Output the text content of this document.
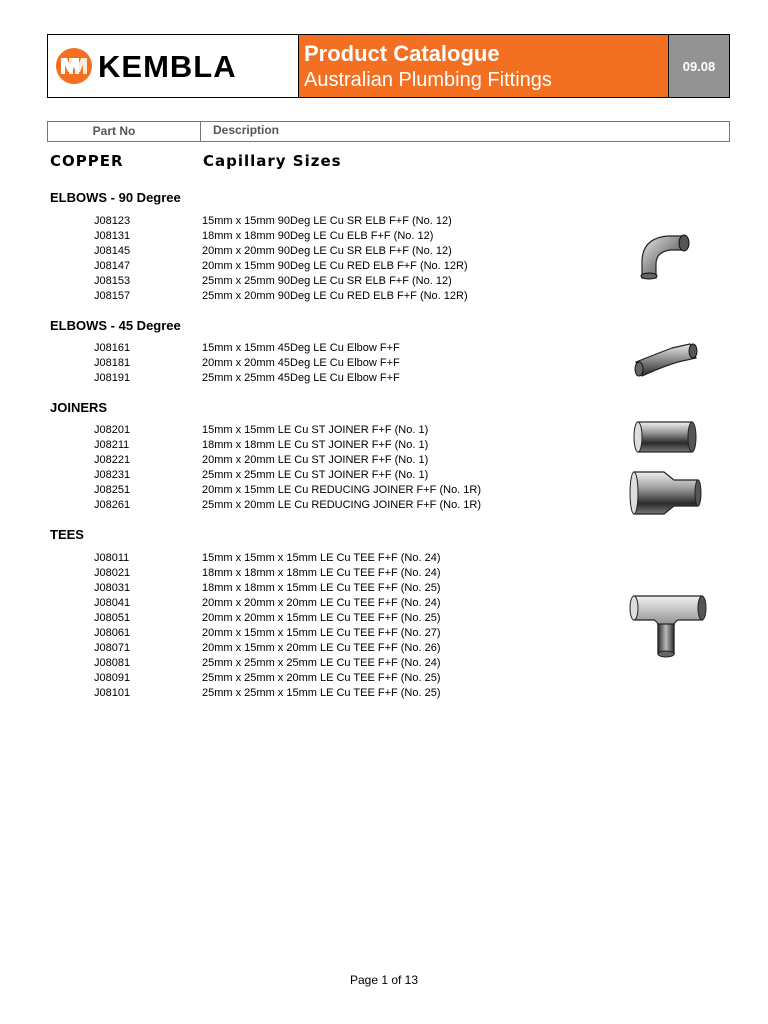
KEMBLA	Product Catalogue
Australian Plumbing Fittings
09.08
Part No	Description
COPPER	Capillary Sizes
ELBOWS - 90 Degree
J08123	15mm x 15mm 90Deg LE Cu SR ELB F+F (No. 12)
J08131	18mm x 18mm 90Deg LE Cu ELB F+F (No. 12)
J08145	20mm x 20mm 90Deg LE Cu SR ELB F+F (No. 12)
J08147	20mm x 15mm 90Deg LE Cu RED ELB F+F (No. 12R)
J08153	25mm x 25mm 90Deg LE Cu SR ELB F+F (No. 12)
J08157	25mm x 20mm 90Deg LE Cu RED ELB F+F (No. 12R)
ELBOWS - 45 Degree
J08161	15mm x 15mm 45Deg LE Cu Elbow F+F
J08181	20mm x 20mm 45Deg LE Cu Elbow F+F
J08191	25mm x 25mm 45Deg LE Cu Elbow F+F
JOINERS
J08201	15mm x 15mm LE Cu ST JOINER F+F (No. 1)
J08211	18mm x 18mm LE Cu ST JOINER F+F (No. 1)
J08221	20mm x 20mm LE Cu ST JOINER F+F (No. 1)
J08231	25mm x 25mm LE Cu ST JOINER F+F (No. 1)
J08251	20mm x 15mm LE Cu REDUCING JOINER F+F (No. 1R)
J08261	25mm x 20mm LE Cu REDUCING JOINER F+F (No. 1R)
TEES
J08011	15mm x 15mm x 15mm LE Cu TEE F+F (No. 24)
J08021	18mm x 18mm x 18mm LE Cu TEE F+F (No. 24)
J08031	18mm x 18mm x 15mm LE Cu TEE F+F (No. 25)
J08041	20mm x 20mm x 20mm LE Cu TEE F+F (No. 24)
J08051	20mm x 20mm x 15mm LE Cu TEE F+F (No. 25)
J08061	20mm x 15mm x 15mm LE Cu TEE F+F (No. 27)
J08071	20mm x 15mm x 20mm LE Cu TEE F+F (No. 26)
J08081	25mm x 25mm x 25mm LE Cu TEE F+F (No. 24)
J08091	25mm x 25mm x 20mm LE Cu TEE F+F (No. 25)
J08101	25mm x 25mm x 15mm LE Cu TEE F+F (No. 25)
Page 1 of 13
